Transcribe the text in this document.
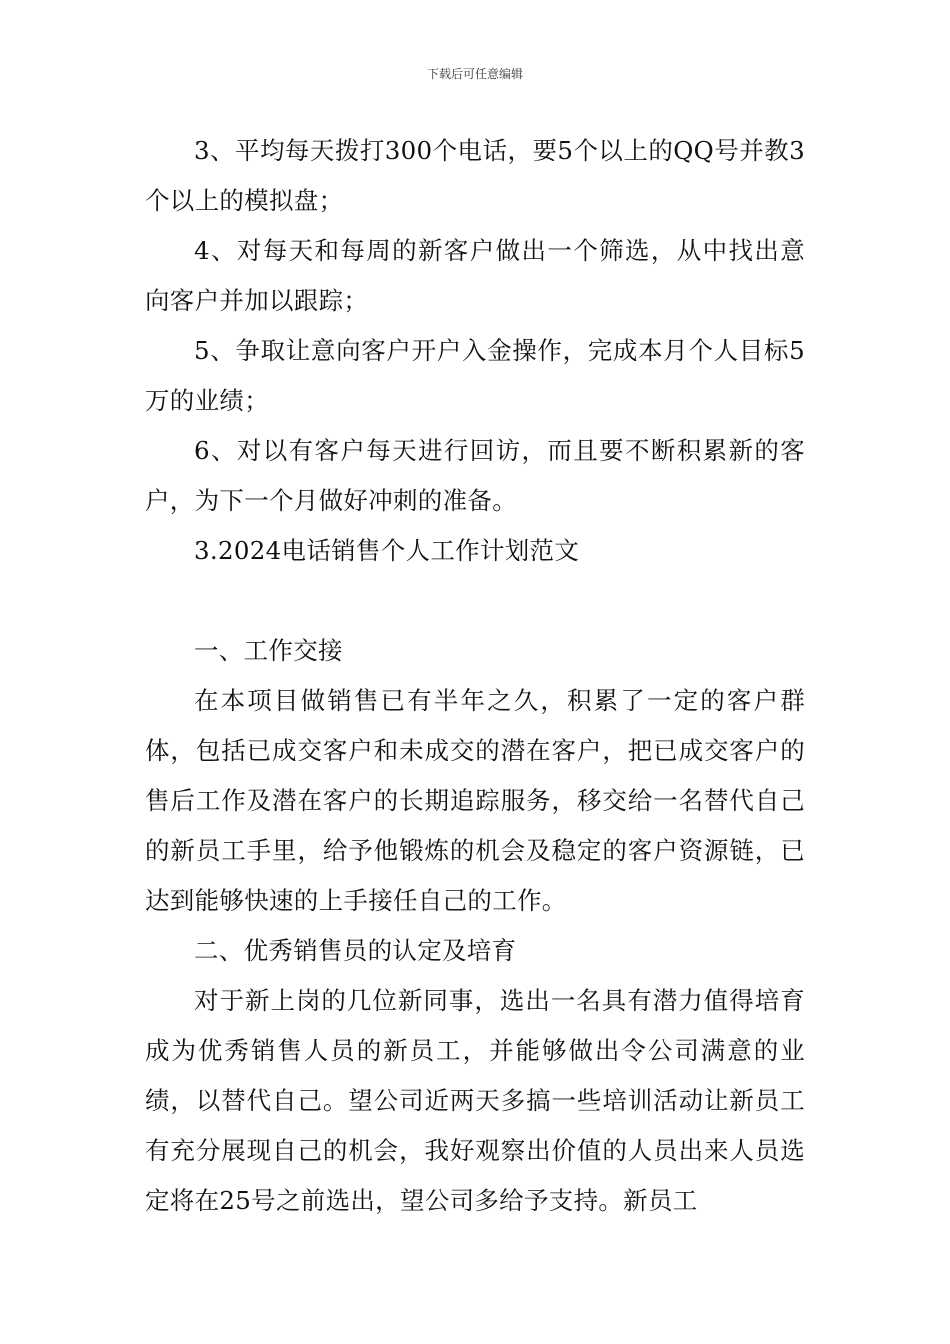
下载后可任意编辑

3、平均每天拨打300个电话，要5个以上的QQ号并教3个以上的模拟盘；

4、对每天和每周的新客户做出一个筛选，从中找出意向客户并加以跟踪；

5、争取让意向客户开户入金操作，完成本月个人目标5万的业绩；

6、对以有客户每天进行回访，而且要不断积累新的客户，为下一个月做好冲刺的准备。

3.2024电话销售个人工作计划范文

一、工作交接

在本项目做销售已有半年之久，积累了一定的客户群体，包括已成交客户和未成交的潜在客户，把已成交客户的售后工作及潜在客户的长期追踪服务，移交给一名替代自己的新员工手里，给予他锻炼的机会及稳定的客户资源链，已达到能够快速的上手接任自己的工作。

二、优秀销售员的认定及培育

对于新上岗的几位新同事，选出一名具有潜力值得培育成为优秀销售人员的新员工，并能够做出令公司满意的业绩，以替代自己。望公司近两天多搞一些培训活动让新员工有充分展现自己的机会，我好观察出价值的人员出来人员选定将在25号之前选出，望公司多给予支持。新员工
